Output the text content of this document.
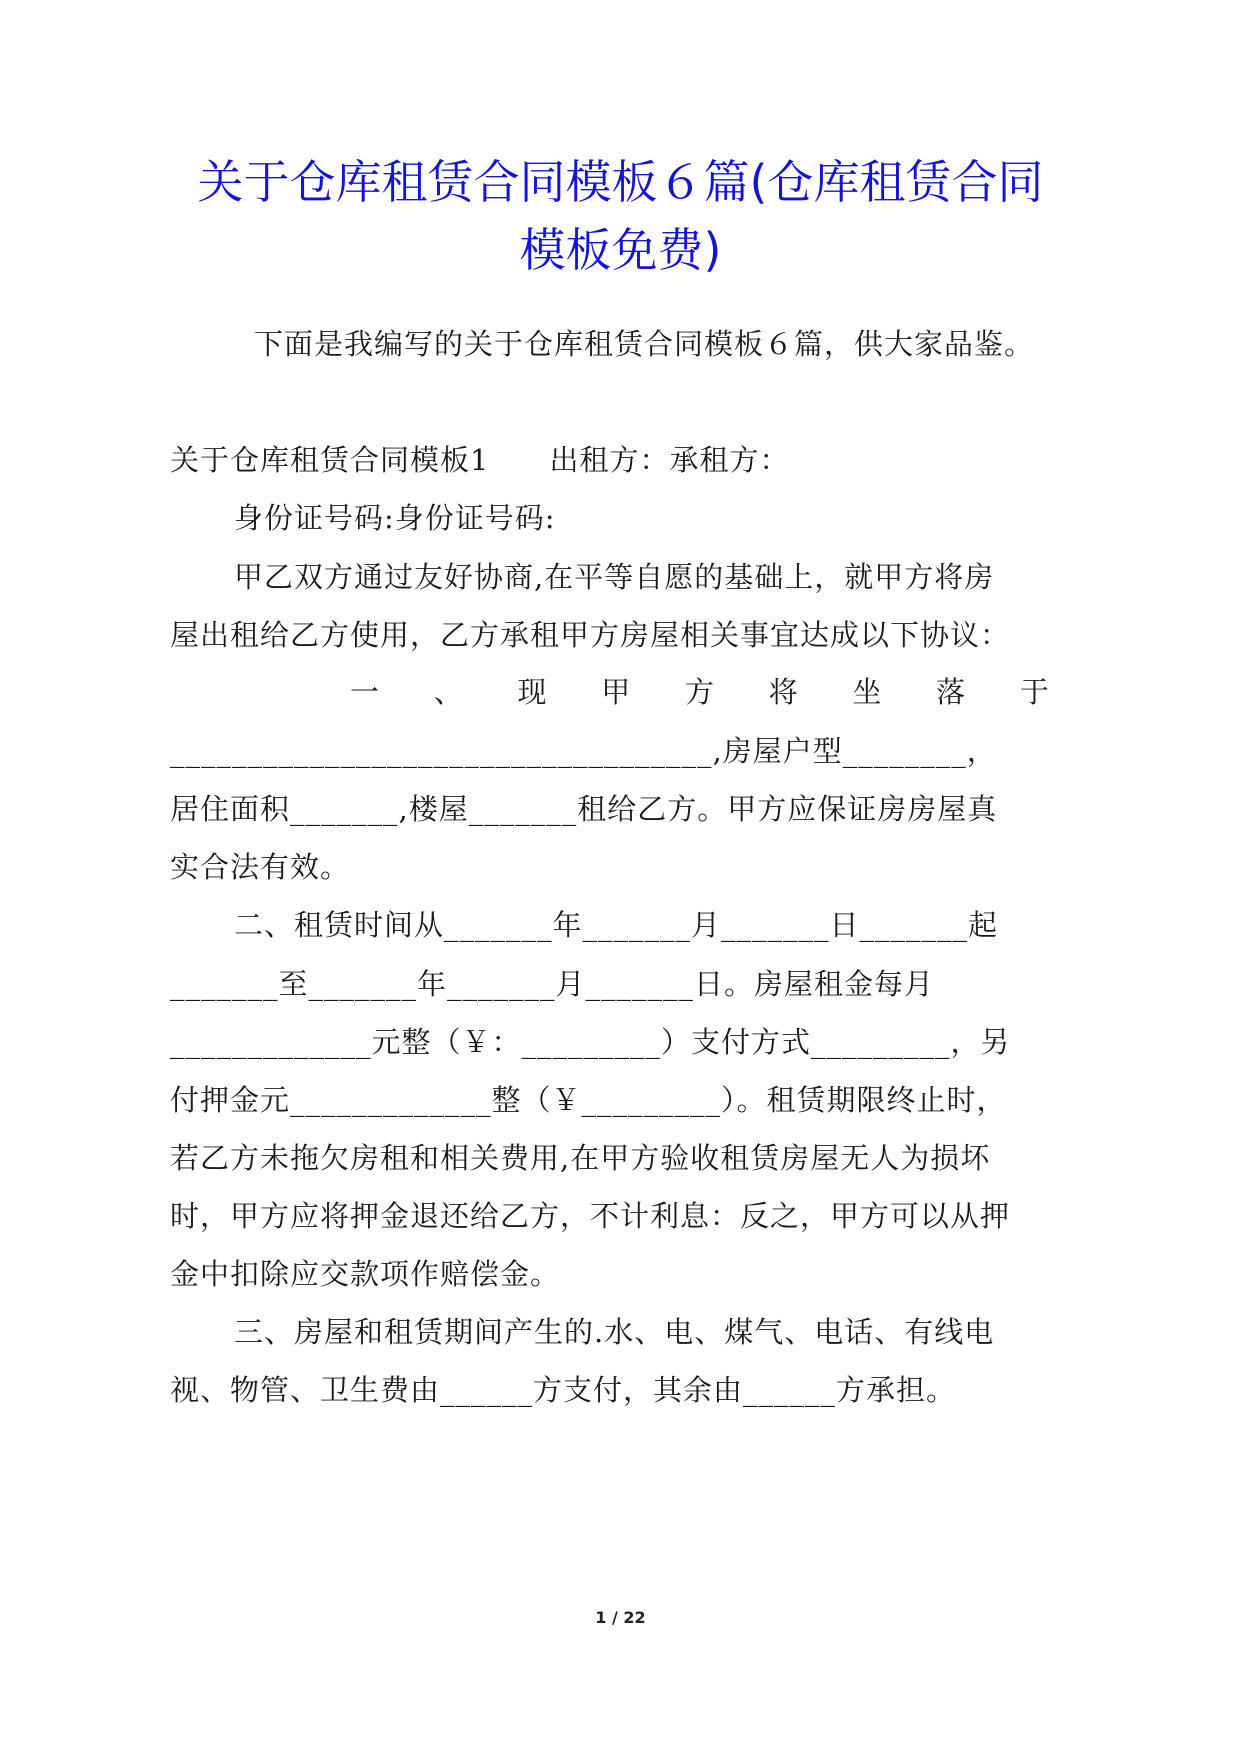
关于仓库租赁合同模板６篇(仓库租赁合同
模板免费)
下面是我编写的关于仓库租赁合同模板６篇，供大家品鉴。
关于仓库租赁合同模板1　　出租方：承租方：
身份证号码:身份证号码:
甲乙双方通过友好协商,在平等自愿的基础上，就甲方将房
屋出租给乙方使用，乙方承租甲方房屋相关事宜达成以下协议：
一 、 现 甲 方 将 坐 落 于
___________________________________,房屋户型________，
居住面积_______,楼屋_______租给乙方。甲方应保证房房屋真
实合法有效。
二、租赁时间从_______年_______月_______日_______起
_______至_______年_______月_______日。房屋租金每月
_____________元整（￥：_________）支付方式_________，另
付押金元_____________整（￥_________）。租赁期限终止时，
若乙方未拖欠房租和相关费用,在甲方验收租赁房屋无人为损坏
时，甲方应将押金退还给乙方，不计利息：反之，甲方可以从押
金中扣除应交款项作赔偿金。
三、房屋和租赁期间产生的.水、电、煤气、电话、有线电
视、物管、卫生费由______方支付，其余由______方承担。
1 / 22
